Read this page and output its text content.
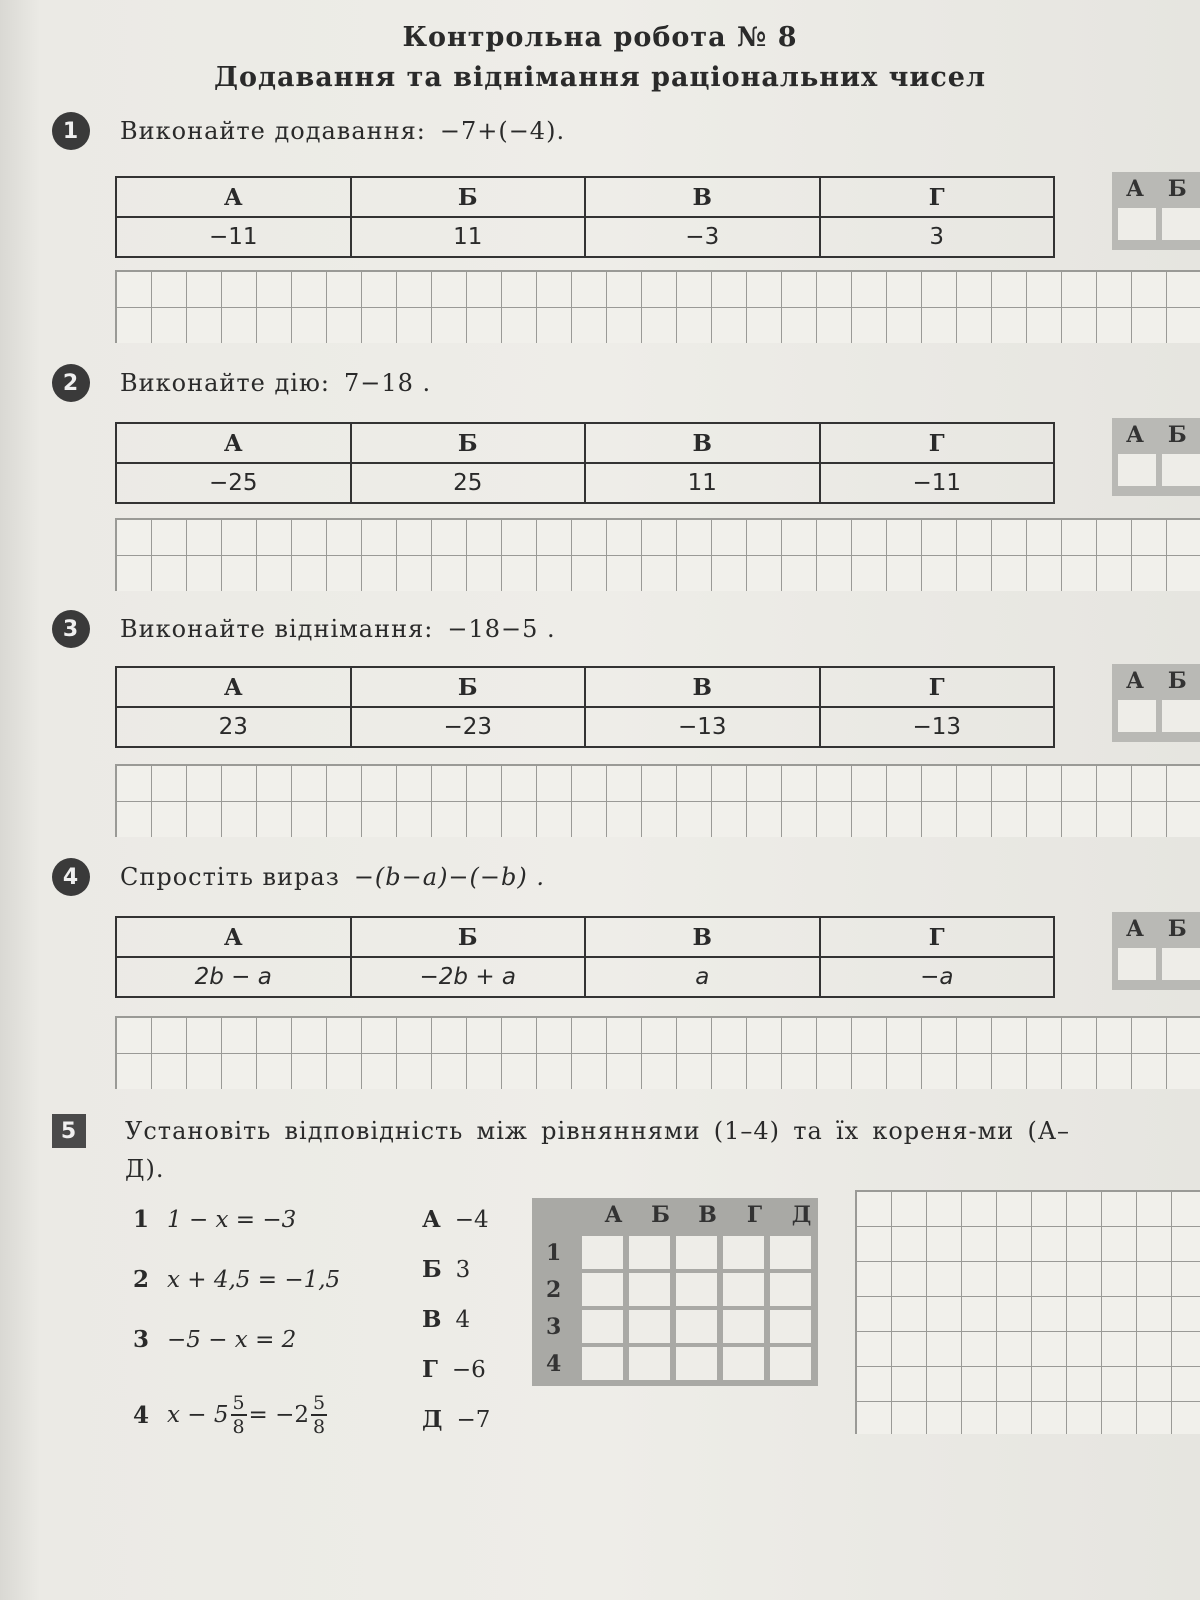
Контрольна робота № 8
Додавання та віднімання раціональних чисел
1	Виконайте додавання: −7+(−4).
А	Б	В	Г
−11	11	−3	3
А Б
2	Виконайте дію: 7−18 .
А	Б	В	Г
−25	25	11	−11
А Б
3	Виконайте віднімання: −18−5 .
А	Б	В	Г
23	−23	−13	−13
А Б
4	Спростіть вираз −(b−a)−(−b) .
А	Б	В	Г
2b − a	−2b + a	a	−a
А Б
5	Установіть відповідність між рівняннями (1–4) та їх кореня-ми (А–Д).
1 1 − x = −3
2 x + 4,5 = −1,5
3 −5 − x = 2
4 $x - 5 \frac{5}{8} = -2 \frac{5}{8}$
А −4
Б 3
В 4
Г −6
Д −7
А	Б	В	Г	Д
1
2
3
4
